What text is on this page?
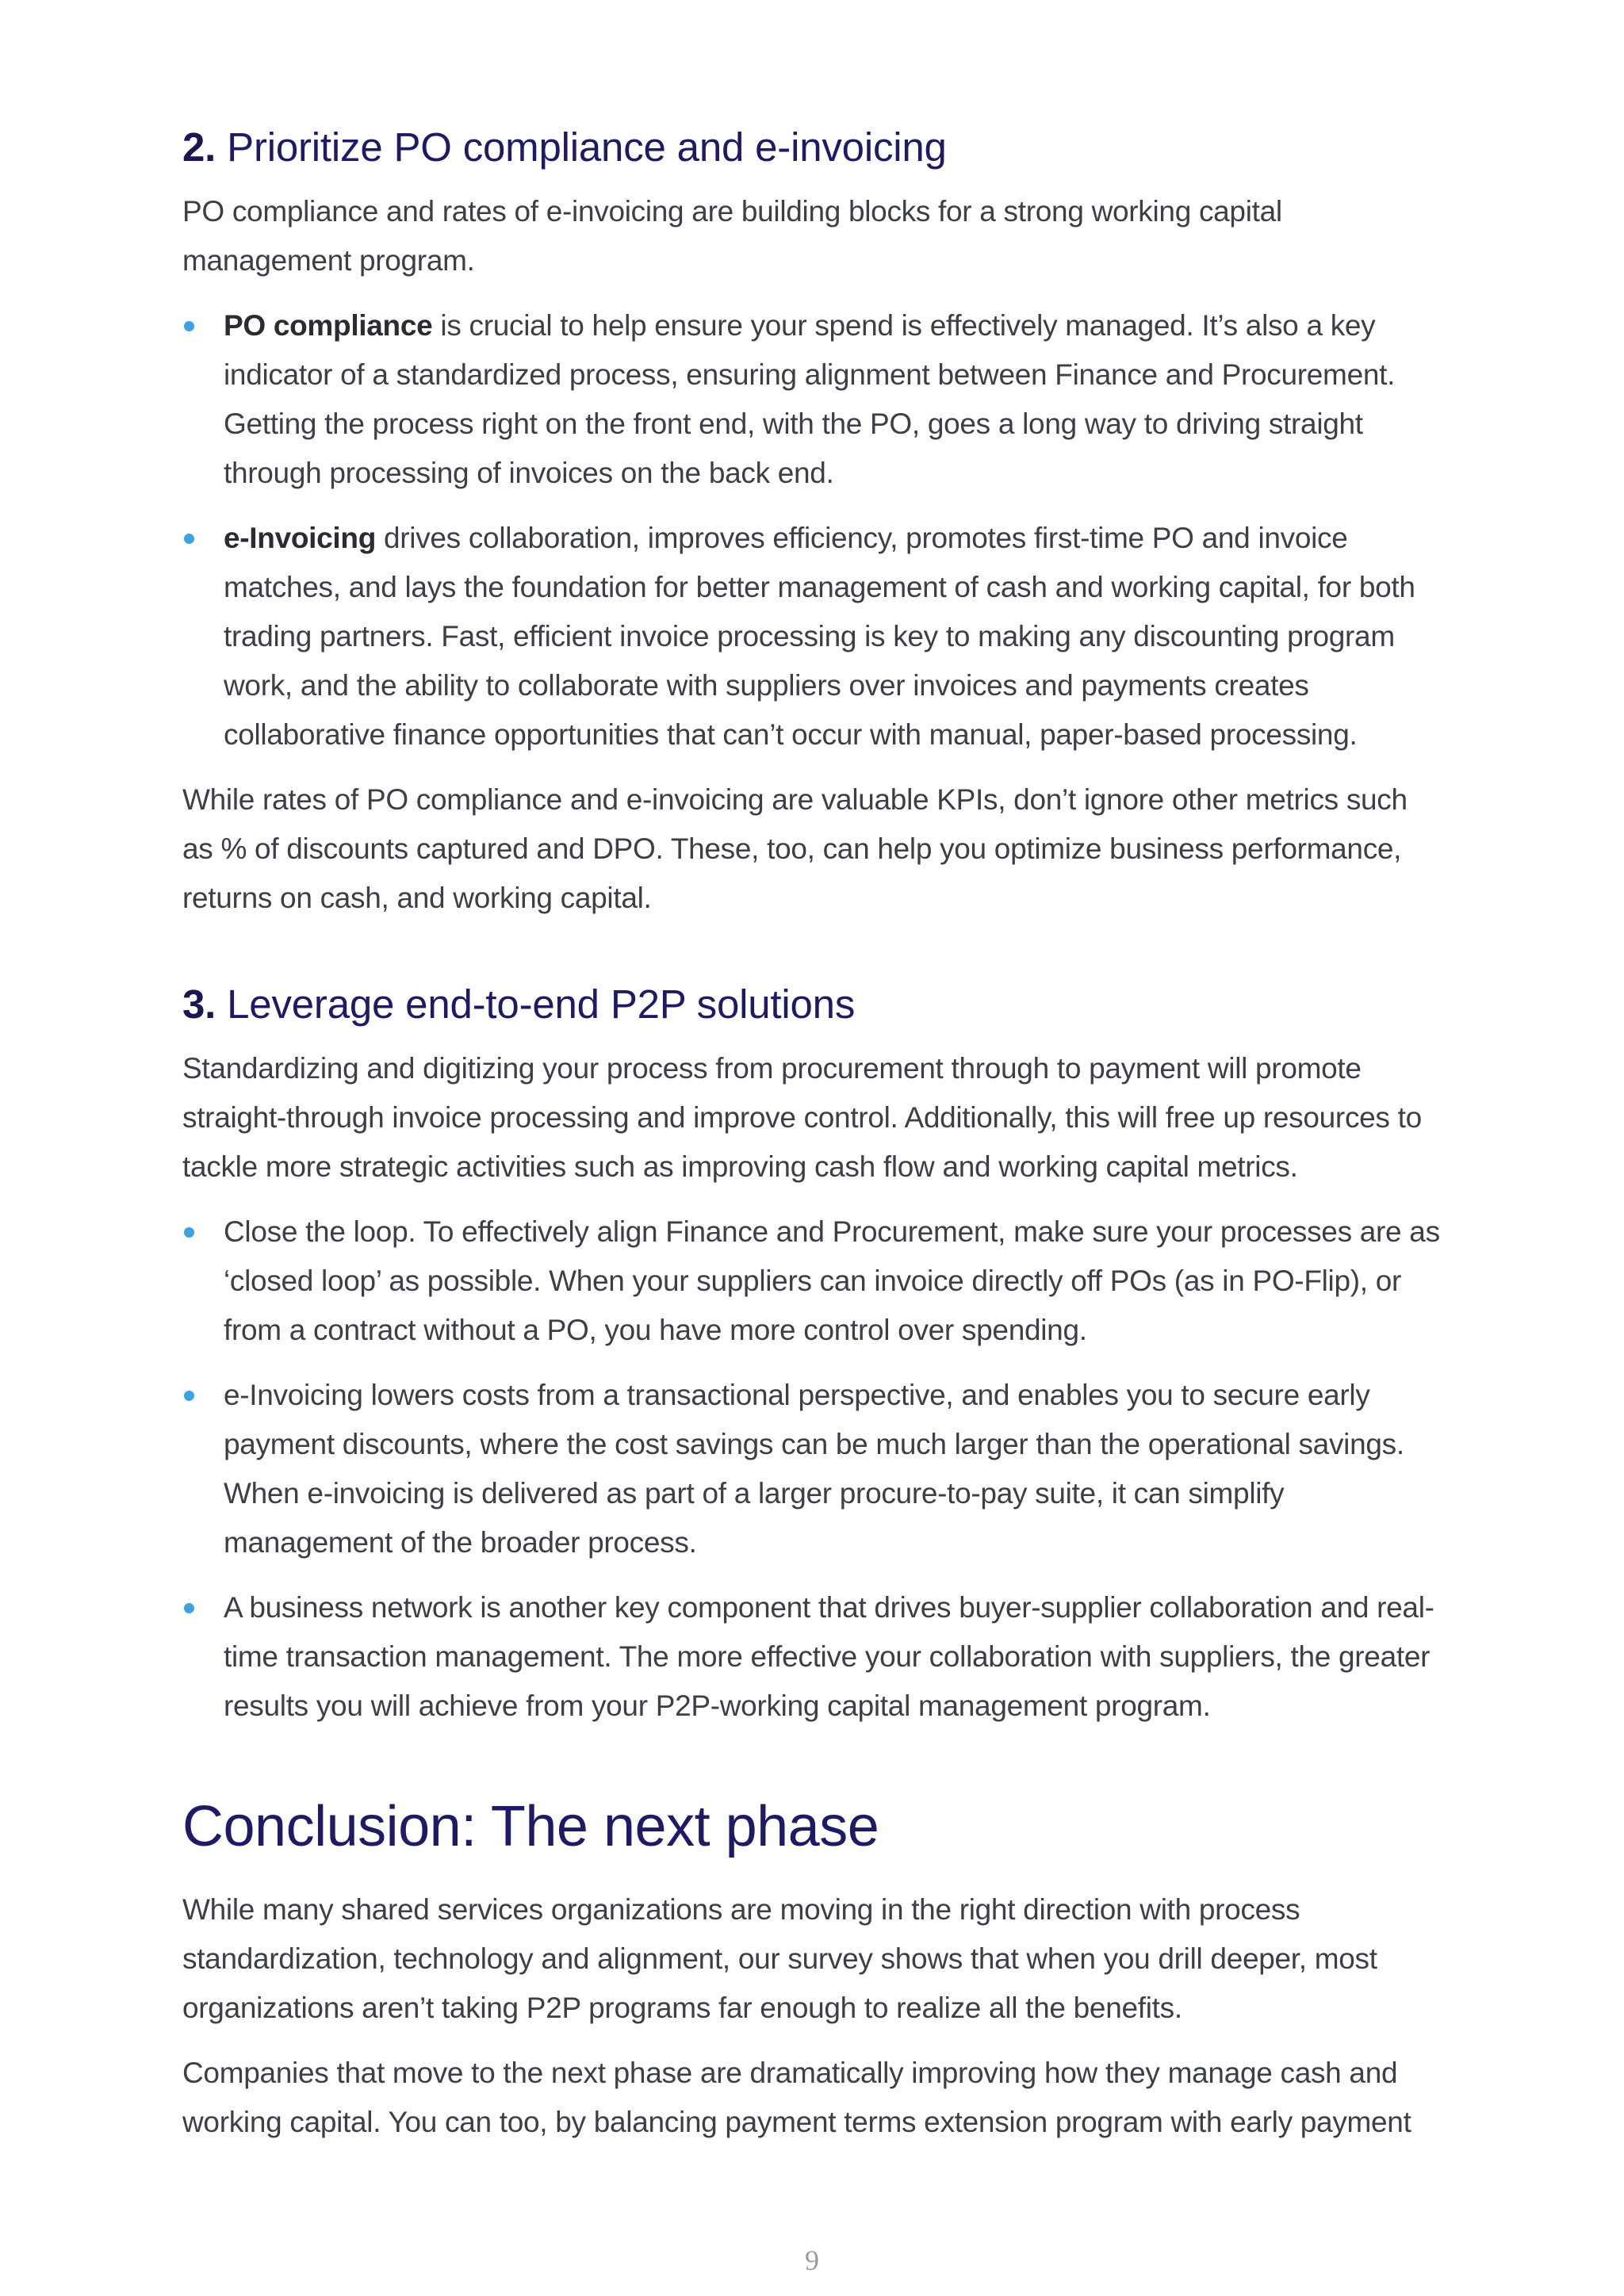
2. Prioritize PO compliance and e-invoicing

PO compliance and rates of e-invoicing are building blocks for a strong working capital management program.

PO compliance is crucial to help ensure your spend is effectively managed. It’s also a key indicator of a standardized process, ensuring alignment between Finance and Procurement. Getting the process right on the front end, with the PO, goes a long way to driving straight through processing of invoices on the back end.
e-Invoicing drives collaboration, improves efficiency, promotes first-time PO and invoice matches, and lays the foundation for better management of cash and working capital, for both trading partners. Fast, efficient invoice processing is key to making any discounting program work, and the ability to collaborate with suppliers over invoices and payments creates collaborative finance opportunities that can’t occur with manual, paper-based processing.

While rates of PO compliance and e-invoicing are valuable KPIs, don’t ignore other metrics such as % of discounts captured and DPO. These, too, can help you optimize business performance, returns on cash, and working capital.

3. Leverage end-to-end P2P solutions

Standardizing and digitizing your process from procurement through to payment will promote straight-through invoice processing and improve control. Additionally, this will free up resources to tackle more strategic activities such as improving cash flow and working capital metrics.

Close the loop. To effectively align Finance and Procurement, make sure your processes are as ‘closed loop’ as possible. When your suppliers can invoice directly off POs (as in PO-Flip), or from a contract without a PO, you have more control over spending.
e-Invoicing lowers costs from a transactional perspective, and enables you to secure early payment discounts, where the cost savings can be much larger than the operational savings. When e-invoicing is delivered as part of a larger procure-to-pay suite, it can simplify management of the broader process.
A business network is another key component that drives buyer-supplier collaboration and real-time transaction management. The more effective your collaboration with suppliers, the greater results you will achieve from your P2P-working capital management program.
Conclusion: The next phase

While many shared services organizations are moving in the right direction with process standardization, technology and alignment, our survey shows that when you drill deeper, most organizations aren’t taking P2P programs far enough to realize all the benefits.

Companies that move to the next phase are dramatically improving how they manage cash and working capital. You can too, by balancing payment terms extension program with early payment

9
